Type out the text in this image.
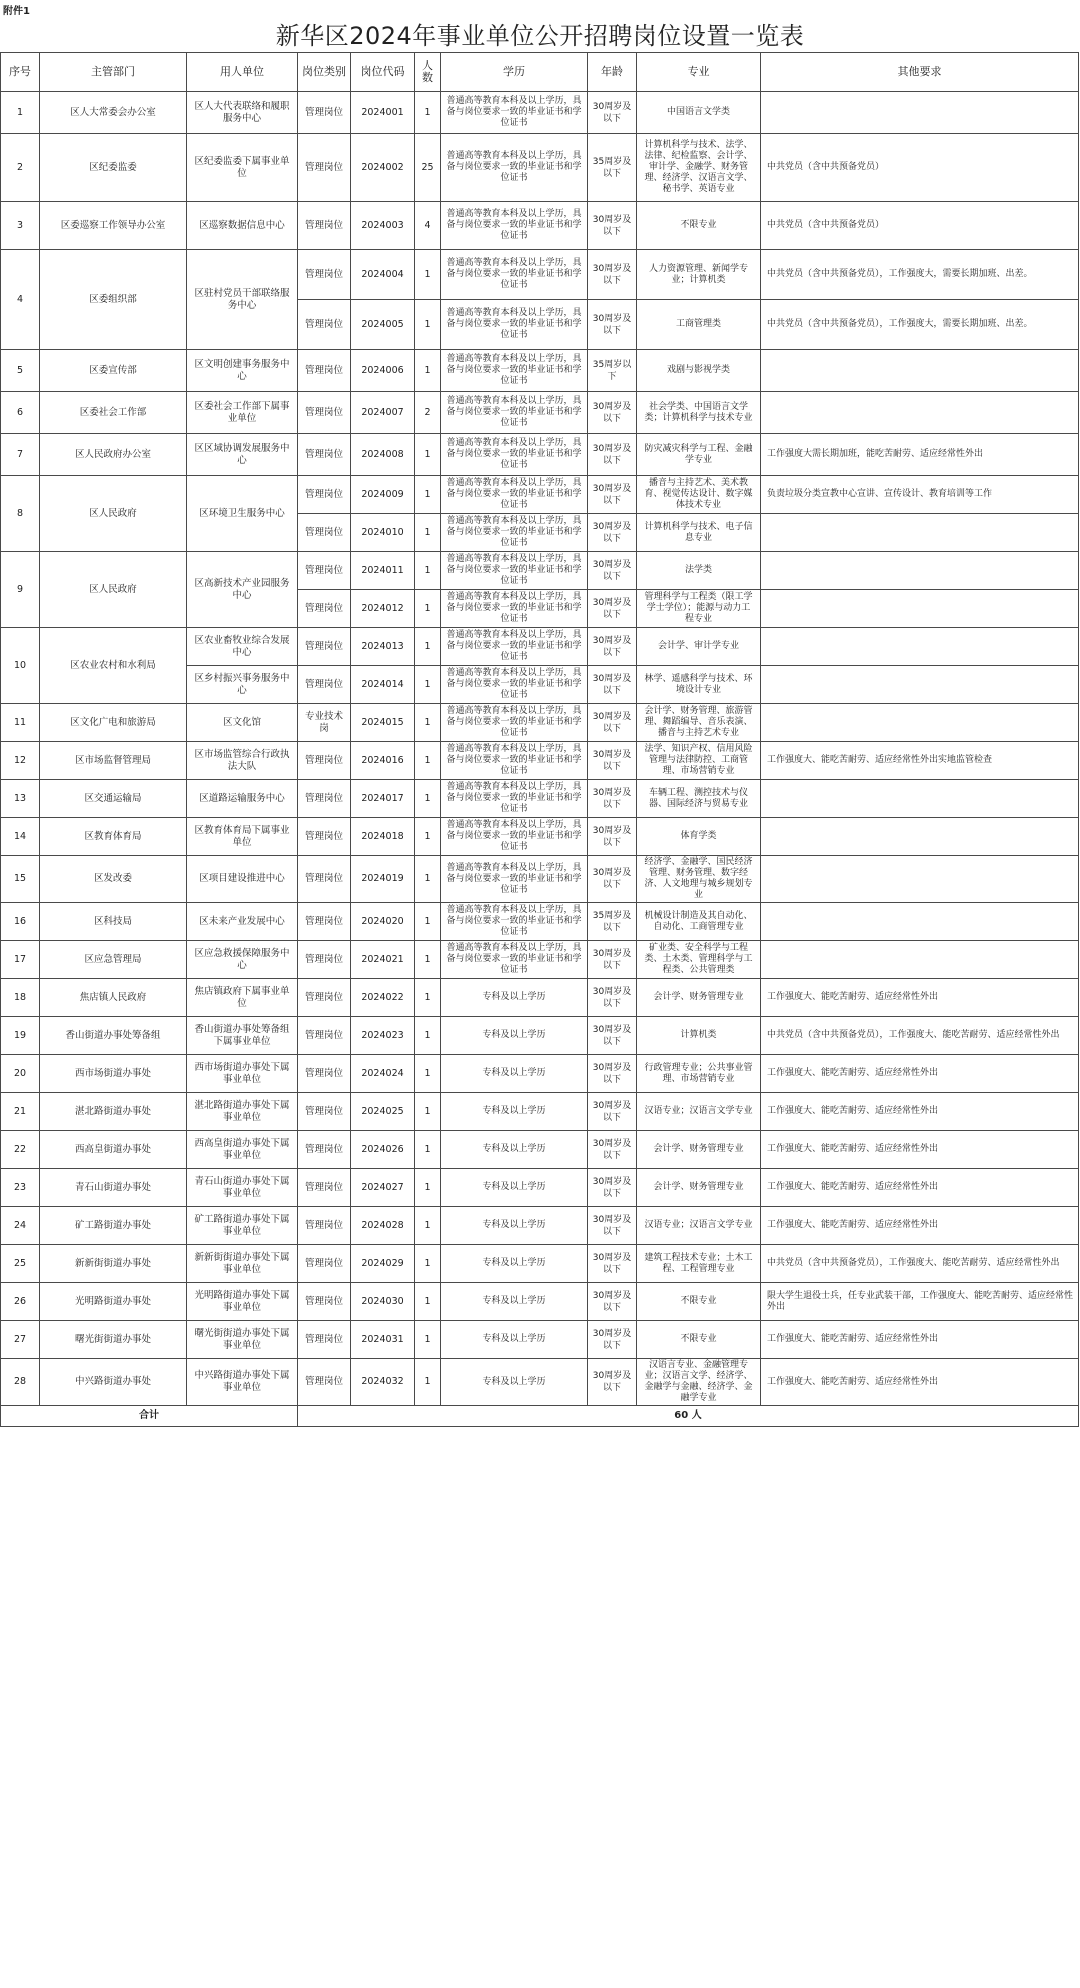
附件1
新华区2024年事业单位公开招聘岗位设置一览表
序号	主管部门	用人单位	岗位类别	岗位代码	人数	学历	年龄	专业	其他要求
1	区人大常委会办公室	区人大代表联络和履职服务中心	管理岗位	2024001	1	普通高等教育本科及以上学历，具备与岗位要求一致的毕业证书和学位证书	30周岁及以下	中国语言文学类	
2	区纪委监委	区纪委监委下属事业单位	管理岗位	2024002	25	普通高等教育本科及以上学历，具备与岗位要求一致的毕业证书和学位证书	35周岁及以下	计算机科学与技术、法学、法律、纪检监察、会计学、审计学、金融学、财务管理、经济学、汉语言文学、秘书学、英语专业	中共党员（含中共预备党员）
3	区委巡察工作领导办公室	区巡察数据信息中心	管理岗位	2024003	4	普通高等教育本科及以上学历，具备与岗位要求一致的毕业证书和学位证书	30周岁及以下	不限专业	中共党员（含中共预备党员）
4	区委组织部	区驻村党员干部联络服务中心	管理岗位	2024004	1	普通高等教育本科及以上学历，具备与岗位要求一致的毕业证书和学位证书	30周岁及以下	人力资源管理、新闻学专业；计算机类	中共党员（含中共预备党员），工作强度大，需要长期加班、出差。
			管理岗位	2024005	1	普通高等教育本科及以上学历，具备与岗位要求一致的毕业证书和学位证书	30周岁及以下	工商管理类	中共党员（含中共预备党员），工作强度大，需要长期加班、出差。
5	区委宣传部	区文明创建事务服务中心	管理岗位	2024006	1	普通高等教育本科及以上学历，具备与岗位要求一致的毕业证书和学位证书	35周岁以下	戏剧与影视学类	
6	区委社会工作部	区委社会工作部下属事业单位	管理岗位	2024007	2	普通高等教育本科及以上学历，具备与岗位要求一致的毕业证书和学位证书	30周岁及以下	社会学类、中国语言文学类；计算机科学与技术专业	
7	区人民政府办公室	区区域协调发展服务中心	管理岗位	2024008	1	普通高等教育本科及以上学历，具备与岗位要求一致的毕业证书和学位证书	30周岁及以下	防灾减灾科学与工程、金融学专业	工作强度大需长期加班，能吃苦耐劳、适应经常性外出
8	区人民政府	区环境卫生服务中心	管理岗位	2024009	1	普通高等教育本科及以上学历，具备与岗位要求一致的毕业证书和学位证书	30周岁及以下	播音与主持艺术、美术教育、视觉传达设计、数字媒体技术专业	负责垃圾分类宣教中心宣讲、宣传设计、教育培训等工作
			管理岗位	2024010	1	普通高等教育本科及以上学历，具备与岗位要求一致的毕业证书和学位证书	30周岁及以下	计算机科学与技术、电子信息专业	
9	区人民政府	区高新技术产业园服务中心	管理岗位	2024011	1	普通高等教育本科及以上学历，具备与岗位要求一致的毕业证书和学位证书	30周岁及以下	法学类	
			管理岗位	2024012	1	普通高等教育本科及以上学历，具备与岗位要求一致的毕业证书和学位证书	30周岁及以下	管理科学与工程类（限工学学士学位）；能源与动力工程专业	
10	区农业农村和水利局	区农业畜牧业综合发展中心	管理岗位	2024013	1	普通高等教育本科及以上学历，具备与岗位要求一致的毕业证书和学位证书	30周岁及以下	会计学、审计学专业	
		区乡村振兴事务服务中心	管理岗位	2024014	1	普通高等教育本科及以上学历，具备与岗位要求一致的毕业证书和学位证书	30周岁及以下	林学、遥感科学与技术、环境设计专业	
11	区文化广电和旅游局	区文化馆	专业技术岗	2024015	1	普通高等教育本科及以上学历，具备与岗位要求一致的毕业证书和学位证书	30周岁及以下	会计学、财务管理、旅游管理、舞蹈编导、音乐表演、播音与主持艺术专业	
12	区市场监督管理局	区市场监管综合行政执法大队	管理岗位	2024016	1	普通高等教育本科及以上学历，具备与岗位要求一致的毕业证书和学位证书	30周岁及以下	法学、知识产权、信用风险管理与法律防控、工商管理、市场营销专业	工作强度大、能吃苦耐劳、适应经常性外出实地监管检查
13	区交通运输局	区道路运输服务中心	管理岗位	2024017	1	普通高等教育本科及以上学历，具备与岗位要求一致的毕业证书和学位证书	30周岁及以下	车辆工程、测控技术与仪器、国际经济与贸易专业	
14	区教育体育局	区教育体育局下属事业单位	管理岗位	2024018	1	普通高等教育本科及以上学历，具备与岗位要求一致的毕业证书和学位证书	30周岁及以下	体育学类	
15	区发改委	区项目建设推进中心	管理岗位	2024019	1	普通高等教育本科及以上学历，具备与岗位要求一致的毕业证书和学位证书	30周岁及以下	经济学、金融学、国民经济管理、财务管理、数字经济、人文地理与城乡规划专业	
16	区科技局	区未来产业发展中心	管理岗位	2024020	1	普通高等教育本科及以上学历，具备与岗位要求一致的毕业证书和学位证书	35周岁及以下	机械设计制造及其自动化、自动化、工商管理专业	
17	区应急管理局	区应急救援保障服务中心	管理岗位	2024021	1	普通高等教育本科及以上学历，具备与岗位要求一致的毕业证书和学位证书	30周岁及以下	矿业类、安全科学与工程类、土木类、管理科学与工程类、公共管理类	
18	焦店镇人民政府	焦店镇政府下属事业单位	管理岗位	2024022	1	专科及以上学历	30周岁及以下	会计学、财务管理专业	工作强度大、能吃苦耐劳、适应经常性外出
19	香山街道办事处筹备组	香山街道办事处筹备组下属事业单位	管理岗位	2024023	1	专科及以上学历	30周岁及以下	计算机类	中共党员（含中共预备党员），工作强度大、能吃苦耐劳、适应经常性外出
20	西市场街道办事处	西市场街道办事处下属事业单位	管理岗位	2024024	1	专科及以上学历	30周岁及以下	行政管理专业；公共事业管理、市场营销专业	工作强度大、能吃苦耐劳、适应经常性外出
21	湛北路街道办事处	湛北路街道办事处下属事业单位	管理岗位	2024025	1	专科及以上学历	30周岁及以下	汉语专业；汉语言文学专业	工作强度大、能吃苦耐劳、适应经常性外出
22	西高皇街道办事处	西高皇街道办事处下属事业单位	管理岗位	2024026	1	专科及以上学历	30周岁及以下	会计学、财务管理专业	工作强度大、能吃苦耐劳、适应经常性外出
23	青石山街道办事处	青石山街道办事处下属事业单位	管理岗位	2024027	1	专科及以上学历	30周岁及以下	会计学、财务管理专业	工作强度大、能吃苦耐劳、适应经常性外出
24	矿工路街道办事处	矿工路街道办事处下属事业单位	管理岗位	2024028	1	专科及以上学历	30周岁及以下	汉语专业；汉语言文学专业	工作强度大、能吃苦耐劳、适应经常性外出
25	新新街街道办事处	新新街街道办事处下属事业单位	管理岗位	2024029	1	专科及以上学历	30周岁及以下	建筑工程技术专业；土木工程、工程管理专业	中共党员（含中共预备党员），工作强度大、能吃苦耐劳、适应经常性外出
26	光明路街道办事处	光明路街道办事处下属事业单位	管理岗位	2024030	1	专科及以上学历	30周岁及以下	不限专业	限大学生退役士兵，任专业武装干部，工作强度大、能吃苦耐劳、适应经常性外出
27	曙光街街道办事处	曙光街街道办事处下属事业单位	管理岗位	2024031	1	专科及以上学历	30周岁及以下	不限专业	工作强度大、能吃苦耐劳、适应经常性外出
28	中兴路街道办事处	中兴路街道办事处下属事业单位	管理岗位	2024032	1	专科及以上学历	30周岁及以下	汉语言专业、金融管理专业；汉语言文学、经济学、金融学与金融、经济学、金融学专业	工作强度大、能吃苦耐劳、适应经常性外出
合计			60 人						
